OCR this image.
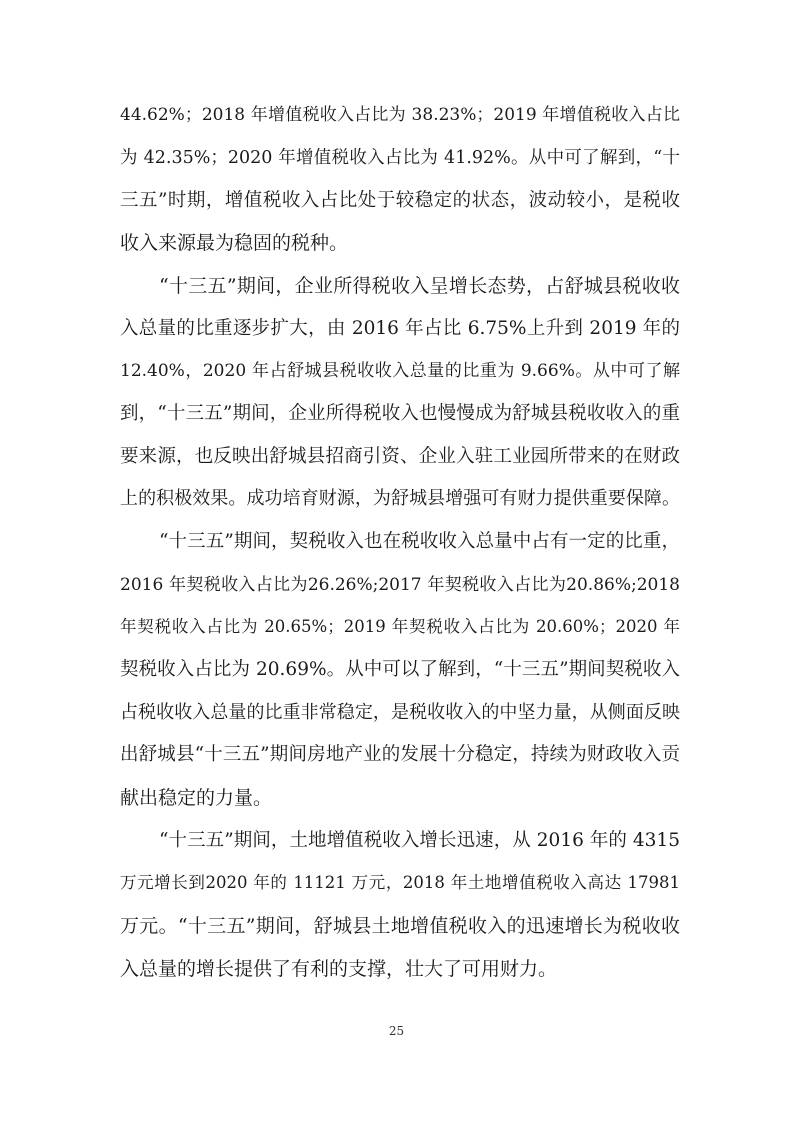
44.62%；2018 年增值税收入占比为 38.23%；2019 年增值税收入占比
为 42.35%；2020 年增值税收入占比为 41.92%。从中可了解到，“十
三五”时期，增值税收入占比处于较稳定的状态，波动较小，是税收
收入来源最为稳固的税种。
“十三五”期间，企业所得税收入呈增长态势，占舒城县税收收
入总量的比重逐步扩大，由 2016 年占比 6.75%上升到 2019 年的
12.40%，2020 年占舒城县税收收入总量的比重为 9.66%。从中可了解
到，“十三五”期间，企业所得税收入也慢慢成为舒城县税收收入的重
要来源，也反映出舒城县招商引资、企业入驻工业园所带来的在财政
上的积极效果。成功培育财源，为舒城县增强可有财力提供重要保障。
“十三五”期间，契税收入也在税收收入总量中占有一定的比重，
2016 年契税收入占比为26.26%;2017 年契税收入占比为20.86%;2018
年契税收入占比为 20.65%；2019 年契税收入占比为 20.60%；2020 年
契税收入占比为 20.69%。从中可以了解到，“十三五”期间契税收入
占税收收入总量的比重非常稳定，是税收收入的中坚力量，从侧面反映
出舒城县“十三五”期间房地产业的发展十分稳定，持续为财政收入贡
献出稳定的力量。
“十三五”期间，土地增值税收入增长迅速，从 2016 年的 4315
万元增长到2020 年的 11121 万元，2018 年土地增值税收入高达 17981
万元。“十三五”期间，舒城县土地增值税收入的迅速增长为税收收
入总量的增长提供了有利的支撑，壮大了可用财力。
25
